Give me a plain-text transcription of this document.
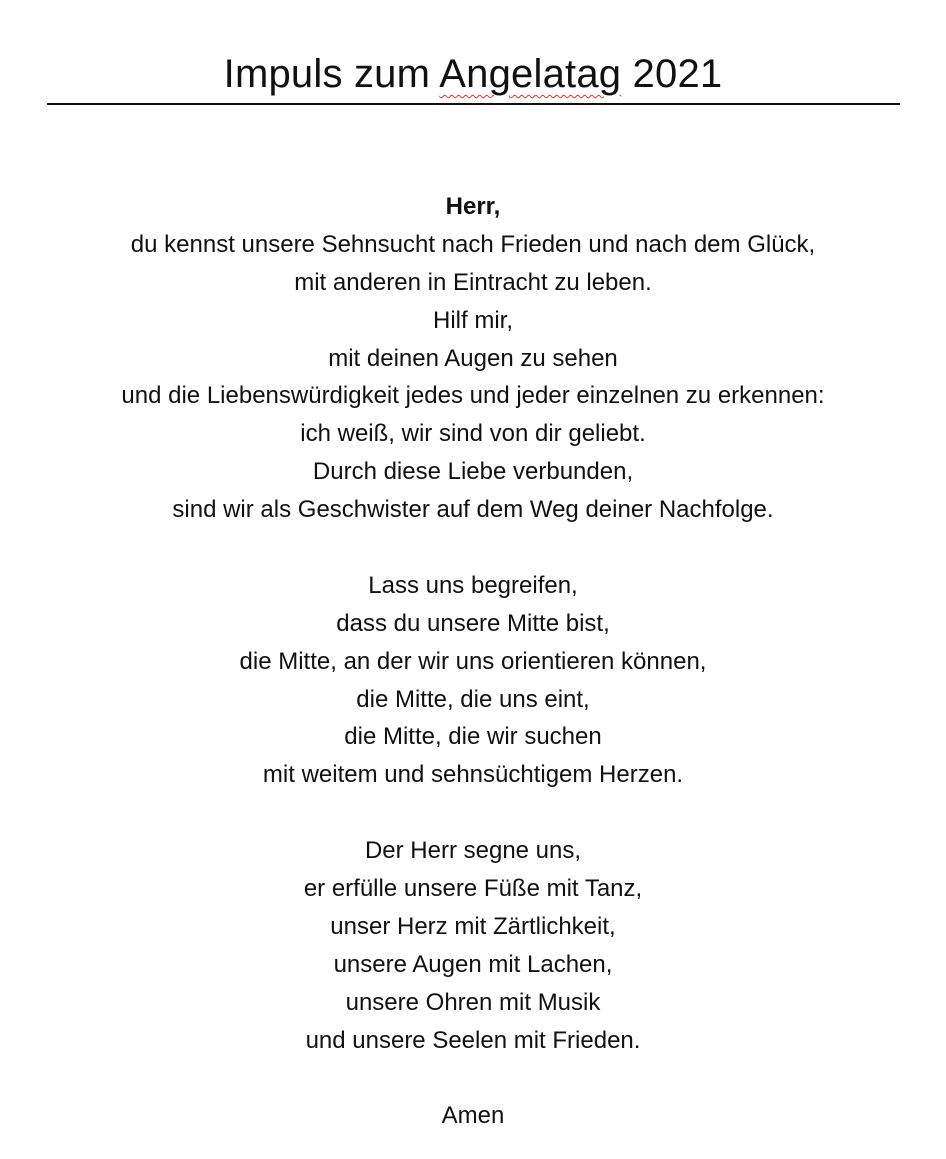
Impuls zum Angelatag 2021
Herr,
du kennst unsere Sehnsucht nach Frieden und nach dem Glück,
mit anderen in Eintracht zu leben.
Hilf mir,
mit deinen Augen zu sehen
und die Liebenswürdigkeit jedes und jeder einzelnen zu erkennen:
ich weiß, wir sind von dir geliebt.
Durch diese Liebe verbunden,
sind wir als Geschwister auf dem Weg deiner Nachfolge.
Lass uns begreifen,
dass du unsere Mitte bist,
die Mitte, an der wir uns orientieren können,
die Mitte, die uns eint,
die Mitte, die wir suchen
mit weitem und sehnsüchtigem Herzen.
Der Herr segne uns,
er erfülle unsere Füße mit Tanz,
unser Herz mit Zärtlichkeit,
unsere Augen mit Lachen,
unsere Ohren mit Musik
und unsere Seelen mit Frieden.
Amen
